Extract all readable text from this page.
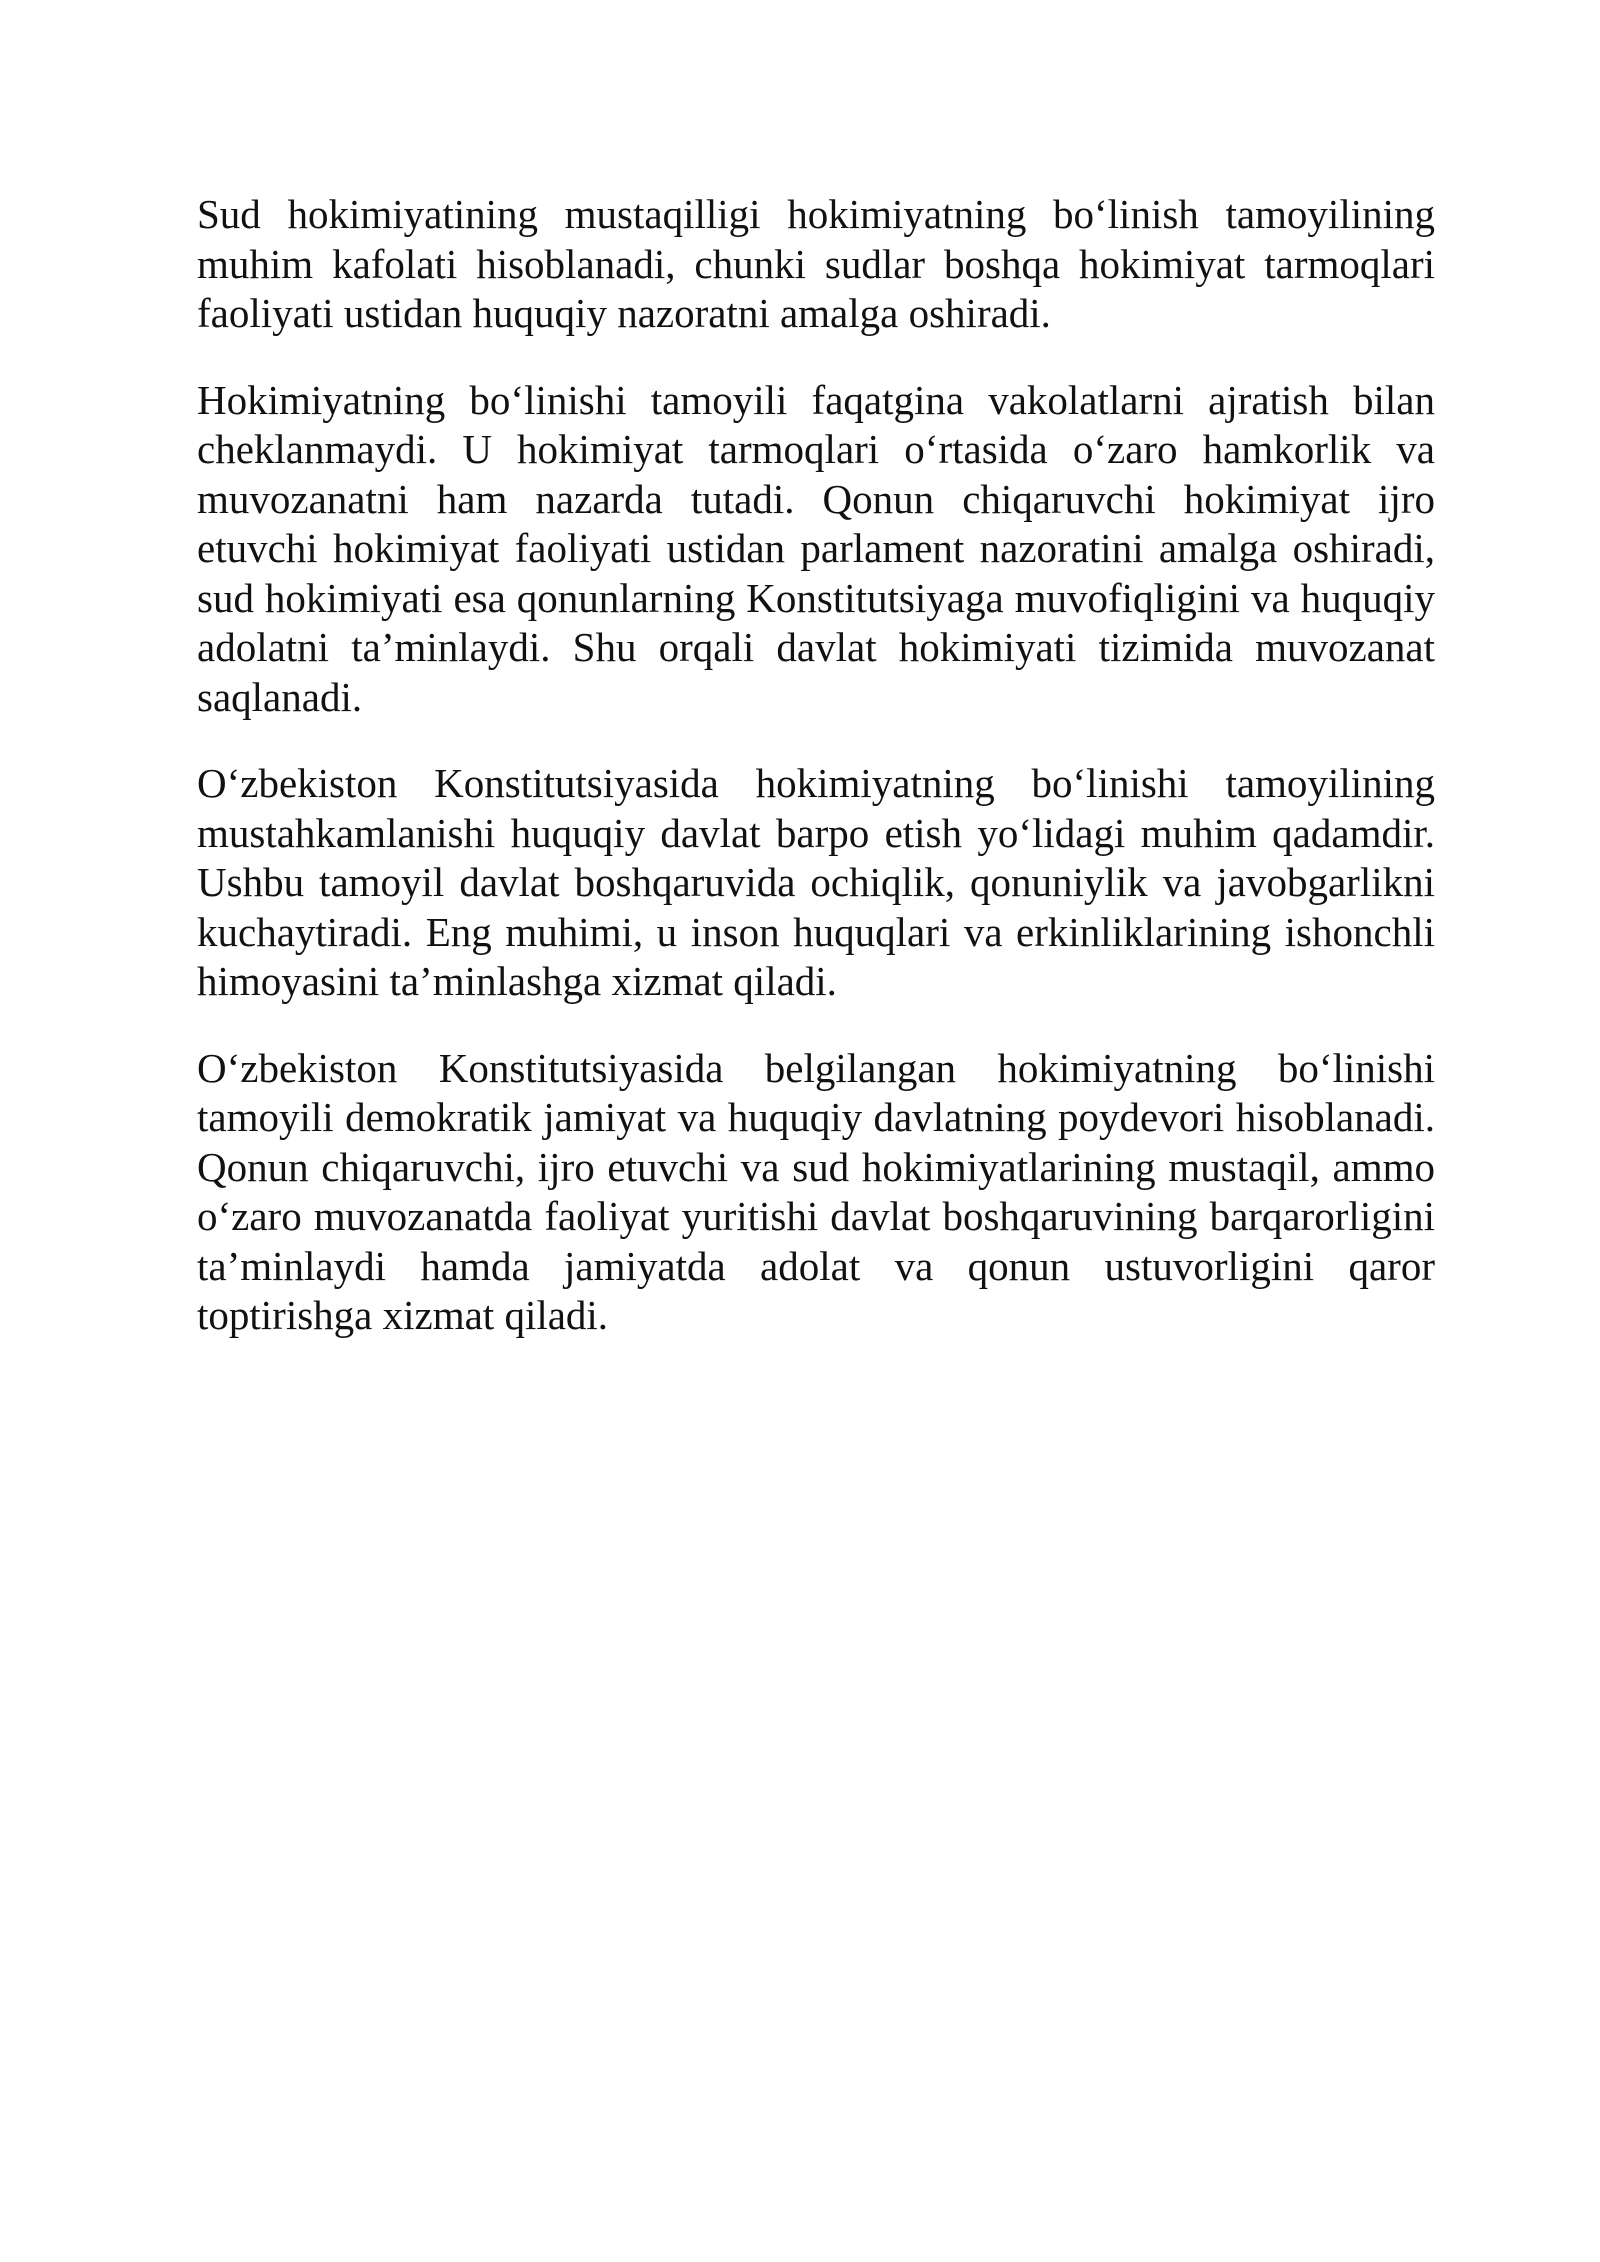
Sud hokimiyatining mustaqilligi hokimiyatning bo‘linish tamoyilining muhim kafolati hisoblanadi, chunki sudlar boshqa hokimiyat tarmoqlari faoliyati ustidan huquqiy nazoratni amalga oshiradi.

Hokimiyatning bo‘linishi tamoyili faqatgina vakolatlarni ajratish bilan cheklanmaydi. U hokimiyat tarmoqlari o‘rtasida o‘zaro hamkorlik va muvozanatni ham nazarda tutadi. Qonun chiqaruvchi hokimiyat ijro etuvchi hokimiyat faoliyati ustidan parlament nazoratini amalga oshiradi, sud hokimiyati esa qonunlarning Konstitutsiyaga muvofiqligini va huquqiy adolatni ta’minlaydi. Shu orqali davlat hokimiyati tizimida muvozanat saqlanadi.

O‘zbekiston Konstitutsiyasida hokimiyatning bo‘linishi tamoyilining mustahkamlanishi huquqiy davlat barpo etish yo‘lidagi muhim qadamdir. Ushbu tamoyil davlat boshqaruvida ochiqlik, qonuniylik va javobgarlikni kuchaytiradi. Eng muhimi, u inson huquqlari va erkinliklarining ishonchli himoyasini ta’minlashga xizmat qiladi.

O‘zbekiston Konstitutsiyasida belgilangan hokimiyatning bo‘linishi tamoyili demokratik jamiyat va huquqiy davlatning poydevori hisoblanadi. Qonun chiqaruvchi, ijro etuvchi va sud hokimiyatlarining mustaqil, ammo o‘zaro muvozanatda faoliyat yuritishi davlat boshqaruvining barqarorligini ta’minlaydi hamda jamiyatda adolat va qonun ustuvorligini qaror toptirishga xizmat qiladi.
